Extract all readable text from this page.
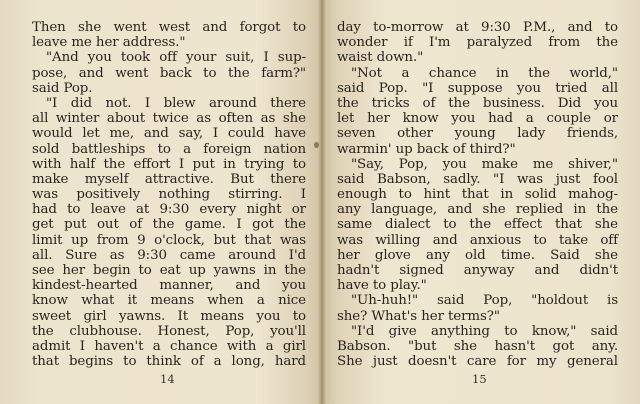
Then she went west and forgot to
leave me her address."
"And you took off your suit, I sup-
pose, and went back to the farm?"
said Pop.
"I did not. I blew around there
all winter about twice as often as she
would let me, and say, I could have
sold battleships to a foreign nation
with half the effort I put in trying to
make myself attractive. But there
was positively nothing stirring. I
had to leave at 9:30 every night or
get put out of the game. I got the
limit up from 9 o'clock, but that was
all. Sure as 9:30 came around I'd
see her begin to eat up yawns in the
kindest-hearted manner, and you
know what it means when a nice
sweet girl yawns. It means you to
the clubhouse. Honest, Pop, you'll
admit I haven't a chance with a girl
that begins to think of a long, hard
14
day to-morrow at 9:30 P.M., and to
wonder if I'm paralyzed from the
waist down."
"Not a chance in the world,"
said Pop. "I suppose you tried all
the tricks of the business. Did you
let her know you had a couple or
seven other young lady friends,
warmin' up back of third?"
"Say, Pop, you make me shiver,"
said Babson, sadly. "I was just fool
enough to hint that in solid mahog-
any language, and she replied in the
same dialect to the effect that she
was willing and anxious to take off
her glove any old time. Said she
hadn't signed anyway and didn't
have to play."
"Uh-huh!" said Pop, "holdout is
she? What's her terms?"
"I'd give anything to know," said
Babson. "but she hasn't got any.
She just doesn't care for my general
15
